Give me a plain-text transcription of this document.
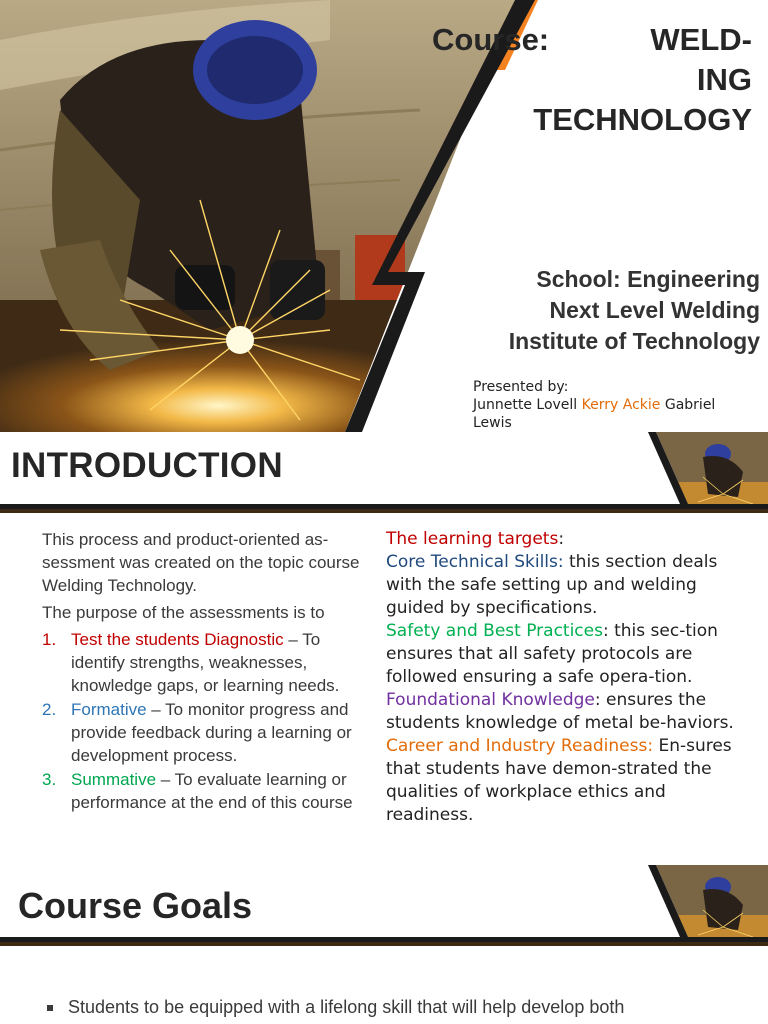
Course: WELD-
ING
TECHNOLOGY
School: Engineering
Next Level Welding
Institute of Technology
Presented by:
Junnette Lovell Kerry Ackie Gabriel
Lewis
INTRODUCTION

This process and product-oriented as-sessment was created on the topic course Welding Technology.

The purpose of the assessments is to

1. Test the students Diagnostic – To identify strengths, weaknesses, knowledge gaps, or learning needs.
2. Formative – To monitor progress and provide feedback during a learning or development process.
3. Summative – To evaluate learning or performance at the end of this course

The learning targets:

Core Technical Skills: this section deals with the safe setting up and welding guided by specifications.

Safety and Best Practices: this sec-tion ensures that all safety protocols are followed ensuring a safe opera-tion.

Foundational Knowledge: ensures the students knowledge of metal be-haviors.

Career and Industry Readiness: En-sures that students have demon-strated the qualities of workplace ethics and readiness.

Course Goals
Students to be equipped with a lifelong skill that will help develop both
